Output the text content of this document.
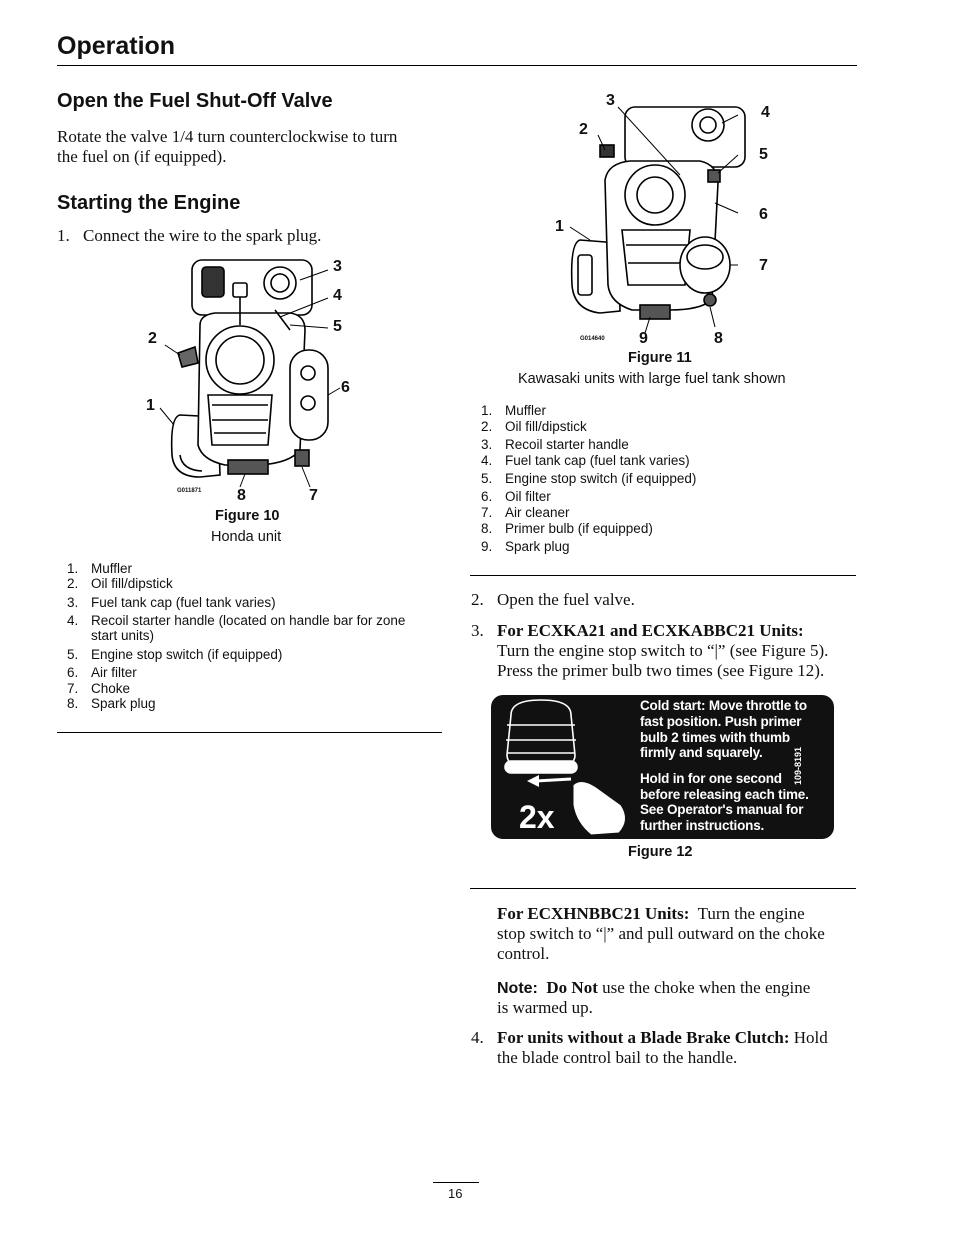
Operation
Open the Fuel Shut-Off Valve
Rotate the valve 1/4 turn counterclockwise to turn
the fuel on (if equipped).
Starting the Engine
1. Connect the wire to the spark plug.
2
1
3
4
5
6
7
8
G011871
Figure 10
Honda unit
1. Muffler
2. Oil fill/dipstick
3. Fuel tank cap (fuel tank varies)
4. Recoil starter handle (located on handle bar for zone
start units)
5. Engine stop switch (if equipped)
6. Air filter
7. Choke
8. Spark plug
1
2
3
4
5
6
7
8
9
G014640
Figure 11
Kawasaki units with large fuel tank shown
1. Muffler
2. Oil fill/dipstick
3. Recoil starter handle
4. Fuel tank cap (fuel tank varies)
5. Engine stop switch (if equipped)
6. Oil filter
7. Air cleaner
8. Primer bulb (if equipped)
9. Spark plug
2. Open the fuel valve.
3. For ECXKA21 and ECXKABBC21 Units:
Turn the engine stop switch to “|” (see Figure 5).
Press the primer bulb two times (see Figure 12).
2x
Cold start: Move throttle to
fast position. Push primer
bulb 2 times with thumb
firmly and squarely.
Hold in for one second
before releasing each time.
See Operator's manual for
further instructions.
109-8191
Figure 12
For ECXHNBBC21 Units: Turn the engine
stop switch to “|” and pull outward on the choke
control.
Note: Do Not use the choke when the engine
is warmed up.
4. For units without a Blade Brake Clutch: Hold
the blade control bail to the handle.
16
